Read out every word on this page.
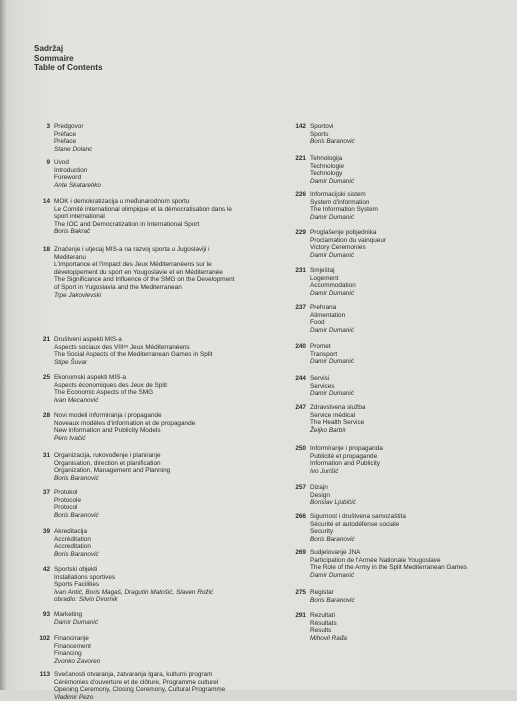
Sadržaj
Sommaire
Table of Contents
3 Predgovor
Préface
Preface
Stane Dolanc
9 Uvod
Introduction
Foreword
Ante Skataretiko
14 MOK i demokratizacija u međunarodnom sportu
Le Comité international olimpique et la démocratisation dans le
sport international
The IOC and Democratization in International Sport
Boris Bakrač
18 Značenje i utjecaj MIS-a na razvoj sporta u Jugoslaviji i
Mediteranu
L'importance et l'impact des Jeux Méditerranéens sur le
développement du sport en Yougoslavie et en Méditerranée
The Significance and Influence of the SMG on the Development
of Sport in Yugoslavia and the Mediterranean
Trpe Jakovlevski
21 Društveni aspekti MIS-a
Aspects sociaux des VIIIᵉˢ Jeux Méditerranéens
The Social Aspects of the Mediterranean Games in Split
Stipe Šuvar
25 Ekonomski aspekti MIS-a
Aspects économiques des Jeux de Split
The Economic Aspects of the SMG
Ivan Mecanović
28 Novi modeli informiranja i propagande
Noveaux modèles d'information et de propagande
New information and Publicity Models
Pero Ivačić
31 Organizacija, rukovođenje i planiranje
Organisation, direction et planification
Organization, Management and Planning
Boris Baranović
37 Protokol
Protocole
Protocol
Boris Baranović
39 Akreditacija
Accréditation
Accreditation
Boris Baranović
42 Sportski objekti
Installations sportives
Sports Facilities
Ivan Antić, Boris Magaš, Dragutin Matošić, Slaven Rožić
obradio: Silvio Dvornik
93 Marketing
Damir Dumanić
102 Financiranje
Financement
Financing
Zvonko Zavoreo
113 Svečanosti otvaranja, zatvaranja Igara, kulturni program
Cérémonies d'ouverture et de clôture, Programme culturel
Opening Ceremony, Closing Ceremony, Cultural Programme
Vladimir Pezo
142 Sportovi
Sports
Boris Baranović
221 Tehnologija
Technologie
Technology
Damir Dumanić
226 Informacijski sistem
System d'information
The Information System
Damir Dumanić
229 Proglašenje pobjednika
Proclamation du vainqueur
Victory Ceremonies
Damir Dumanić
231 Smještaj
Logement
Accommodation
Damir Dumanić
237 Prehrana
Alimentation
Food
Damir Dumanić
240 Promet
Transport
Damir Dumanić
244 Servisi
Services
Damir Dumanić
247 Zdravstvena služba
Service médical
The Health Service
Željko Barbir
250 Informiranje i propaganda
Publicité et propagande
Information and Publicity
Ivo Jurišić
257 Dizajn
Design
Borislav Ljubičić
266 Sigurnost i društvena samozaštita
Sécurité et autodéfense sociale
Security
Boris Baranović
269 Sudjelovanje JNA
Participation de l'Armée Nationale Yougoslave
The Role of the Army in the Split Mediterranean Games
Damir Dumanić
275 Registar
Boris Baranović
291 Rezultati
Résultats
Results
Mihovil Rađa
